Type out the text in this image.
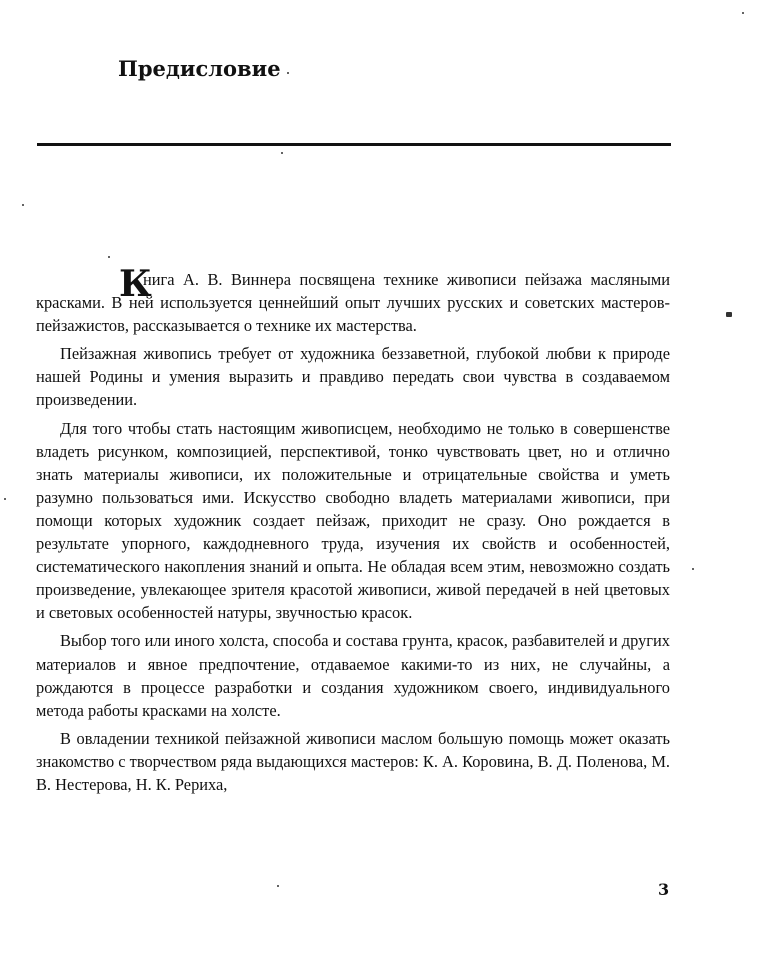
Предисловие

К
нига А. В. Виннера посвящена технике живописи пейзажа масляными красками. В ней используется ценнейший опыт лучших русских и советских мастеров-пейзажистов, рассказывается о технике их мастерства.

Пейзажная живопись требует от художника беззаветной, глубокой любви к природе нашей Родины и умения выразить и правдиво передать свои чувства в создаваемом произведении.

Для того чтобы стать настоящим живописцем, необходимо не только в совершенстве владеть рисунком, композицией, перспективой, тонко чувствовать цвет, но и отлично знать материалы живописи, их положительные и отрицательные свойства и уметь разумно пользоваться ими. Искусство свободно владеть материалами живописи, при помощи которых художник создает пейзаж, приходит не сразу. Оно рождается в результате упорного, каждодневного труда, изучения их свойств и особенностей, систематического накопления знаний и опыта. Не обладая всем этим, невозможно создать произведение, увлекающее зрителя красотой живописи, живой передачей в ней цветовых и световых особенностей натуры, звучностью красок.

Выбор того или иного холста, способа и состава грунта, красок, разбавителей и других материалов и явное предпочтение, отдаваемое какими-то из них, не случайны, а рождаются в процессе разработки и создания художником своего, индивидуального метода работы красками на холсте.

В овладении техникой пейзажной живописи маслом большую помощь может оказать знакомство с творчеством ряда выдающихся мастеров: К. А. Коровина, В. Д. Поленова, М. В. Нестерова, Н. К. Рериха,

3
